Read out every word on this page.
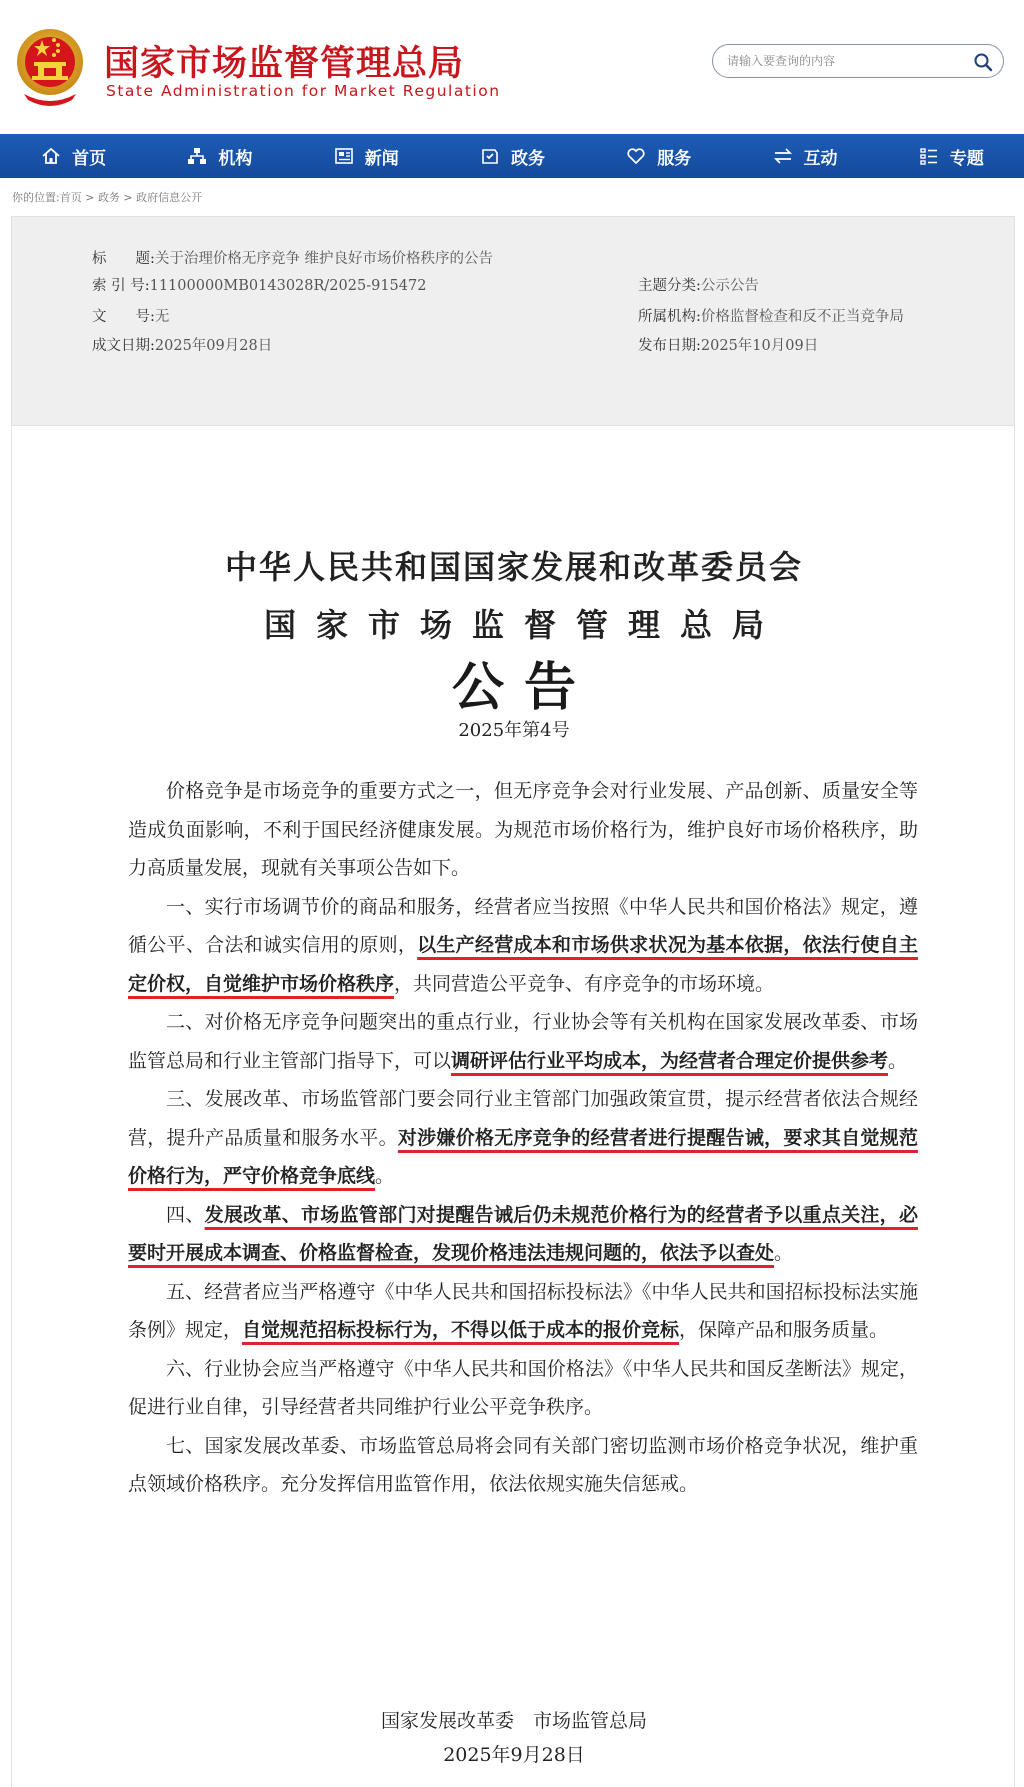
国家市场监督管理总局
State Administration for Market Regulation
请输入要查询的内容
首页	机构	新闻	政务	服务	互动	专题
你的位置:首页 > 政务 > 政府信息公开
标　　题:关于治理价格无序竞争 维护良好市场价格秩序的公告
索 引 号:11100000MB0143028R/2025-915472	主题分类:公示公告
文　　号:无	所属机构:价格监督检查和反不正当竞争局
成文日期:2025年09月28日	发布日期:2025年10月09日
中华人民共和国国家发展和改革委员会
国家市场监督管理总局
公告
2025年第4号

价格竞争是市场竞争的重要方式之一，但无序竞争会对行业发展、产品创新、质量安全等造成负面影响，不利于国民经济健康发展。为规范市场价格行为，维护良好市场价格秩序，助力高质量发展，现就有关事项公告如下。

一、实行市场调节价的商品和服务，经营者应当按照《中华人民共和国价格法》规定，遵循公平、合法和诚实信用的原则，以生产经营成本和市场供求状况为基本依据，依法行使自主定价权，自觉维护市场价格秩序，共同营造公平竞争、有序竞争的市场环境。

二、对价格无序竞争问题突出的重点行业，行业协会等有关机构在国家发展改革委、市场监管总局和行业主管部门指导下，可以调研评估行业平均成本，为经营者合理定价提供参考。

三、发展改革、市场监管部门要会同行业主管部门加强政策宣贯，提示经营者依法合规经营，提升产品质量和服务水平。对涉嫌价格无序竞争的经营者进行提醒告诫，要求其自觉规范价格行为，严守价格竞争底线。

四、发展改革、市场监管部门对提醒告诫后仍未规范价格行为的经营者予以重点关注，必要时开展成本调查、价格监督检查，发现价格违法违规问题的，依法予以查处。

五、经营者应当严格遵守《中华人民共和国招标投标法》《中华人民共和国招标投标法实施条例》规定，自觉规范招标投标行为，不得以低于成本的报价竞标，保障产品和服务质量。

六、行业协会应当严格遵守《中华人民共和国价格法》《中华人民共和国反垄断法》规定，促进行业自律，引导经营者共同维护行业公平竞争秩序。

七、国家发展改革委、市场监管总局将会同有关部门密切监测市场价格竞争状况，维护重点领域价格秩序。充分发挥信用监管作用，依法依规实施失信惩戒。

国家发展改革委　市场监管总局
2025年9月28日
